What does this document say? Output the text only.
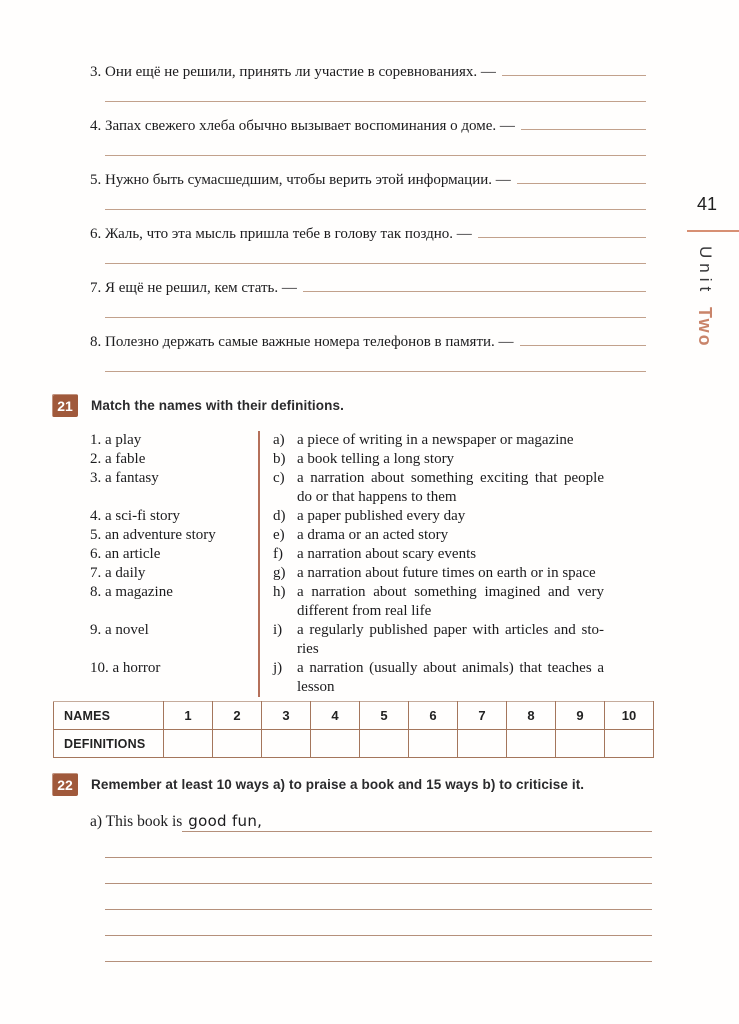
3. Они ещё не решили, принять ли участие в соревнованиях. —
4. Запах свежего хлеба обычно вызывает воспоминания о доме. —
5. Нужно быть сумасшедшим, чтобы верить этой информации. —
6. Жаль, что эта мысль пришла тебе в голову так поздно. —
7. Я ещё не решил, кем стать. —
8. Полезно держать самые важные номера телефонов в памяти. —
21	Match the names with their definitions.
1. a play	a) a piece of writing in a newspaper or magazine
2. a fable	b) a book telling a long story
3. a fantasy	c) a narration about something exciting that people do or that happens to them
4. a sci-fi story	d) a paper published every day
5. an adventure story	e) a drama or an acted story
6. an article	f) a narration about scary events
7. a daily	g) a narration about future times on earth or in space
8. a magazine	h) a narration about something imagined and very different from real life
9. a novel	i) a regularly published paper with articles and stories
10. a horror	j) a narration (usually about animals) that teaches a lesson
NAMES	1	2	3	4	5	6	7	8	9	10
DEFINITIONS										
22	Remember at least 10 ways a) to praise a book and 15 ways b) to criticise it.
a) This book is good fun,
41
Unit Two
